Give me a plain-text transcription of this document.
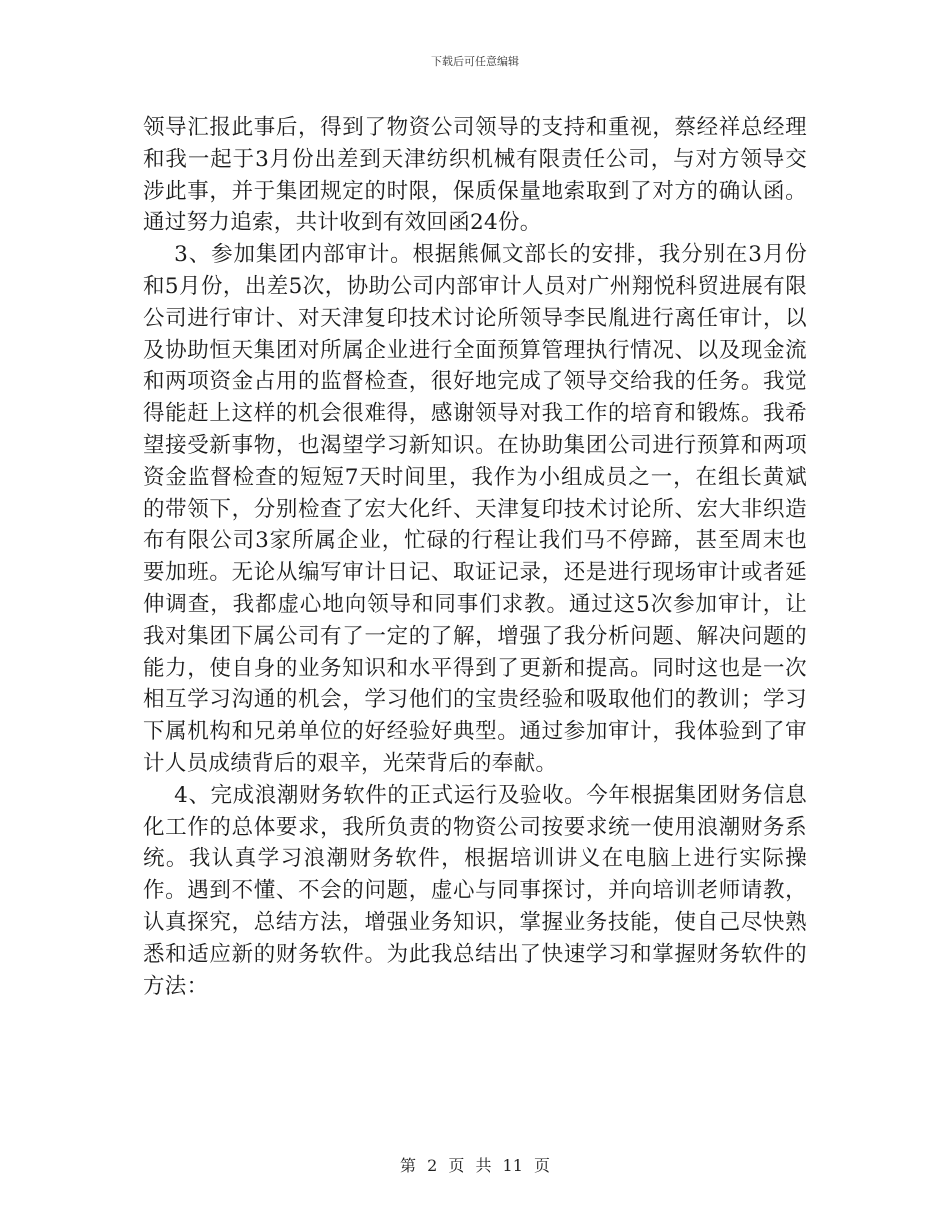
下载后可任意编辑

领导汇报此事后，得到了物资公司领导的支持和重视，蔡经祥总经理和我一起于3月份出差到天津纺织机械有限责任公司，与对方领导交涉此事，并于集团规定的时限，保质保量地索取到了对方的确认函。通过努力追索，共计收到有效回函24份。

3、参加集团内部审计。根据熊佩文部长的安排，我分别在3月份和5月份，出差5次，协助公司内部审计人员对广州翔悦科贸进展有限公司进行审计、对天津复印技术讨论所领导李民胤进行离任审计，以及协助恒天集团对所属企业进行全面预算管理执行情况、以及现金流和两项资金占用的监督检查，很好地完成了领导交给我的任务。我觉得能赶上这样的机会很难得，感谢领导对我工作的培育和锻炼。我希望接受新事物，也渴望学习新知识。在协助集团公司进行预算和两项资金监督检查的短短7天时间里，我作为小组成员之一，在组长黄斌的带领下，分别检查了宏大化纤、天津复印技术讨论所、宏大非织造布有限公司3家所属企业，忙碌的行程让我们马不停蹄，甚至周末也要加班。无论从编写审计日记、取证记录，还是进行现场审计或者延伸调查，我都虚心地向领导和同事们求教。通过这5次参加审计，让我对集团下属公司有了一定的了解，增强了我分析问题、解决问题的能力，使自身的业务知识和水平得到了更新和提高。同时这也是一次相互学习沟通的机会，学习他们的宝贵经验和吸取他们的教训；学习下属机构和兄弟单位的好经验好典型。通过参加审计，我体验到了审计人员成绩背后的艰辛，光荣背后的奉献。

4、完成浪潮财务软件的正式运行及验收。今年根据集团财务信息化工作的总体要求，我所负责的物资公司按要求统一使用浪潮财务系统。我认真学习浪潮财务软件，根据培训讲义在电脑上进行实际操作。遇到不懂、不会的问题，虚心与同事探讨，并向培训老师请教，认真探究，总结方法，增强业务知识，掌握业务技能，使自己尽快熟悉和适应新的财务软件。为此我总结出了快速学习和掌握财务软件的方法：

第 2 页 共 11 页
